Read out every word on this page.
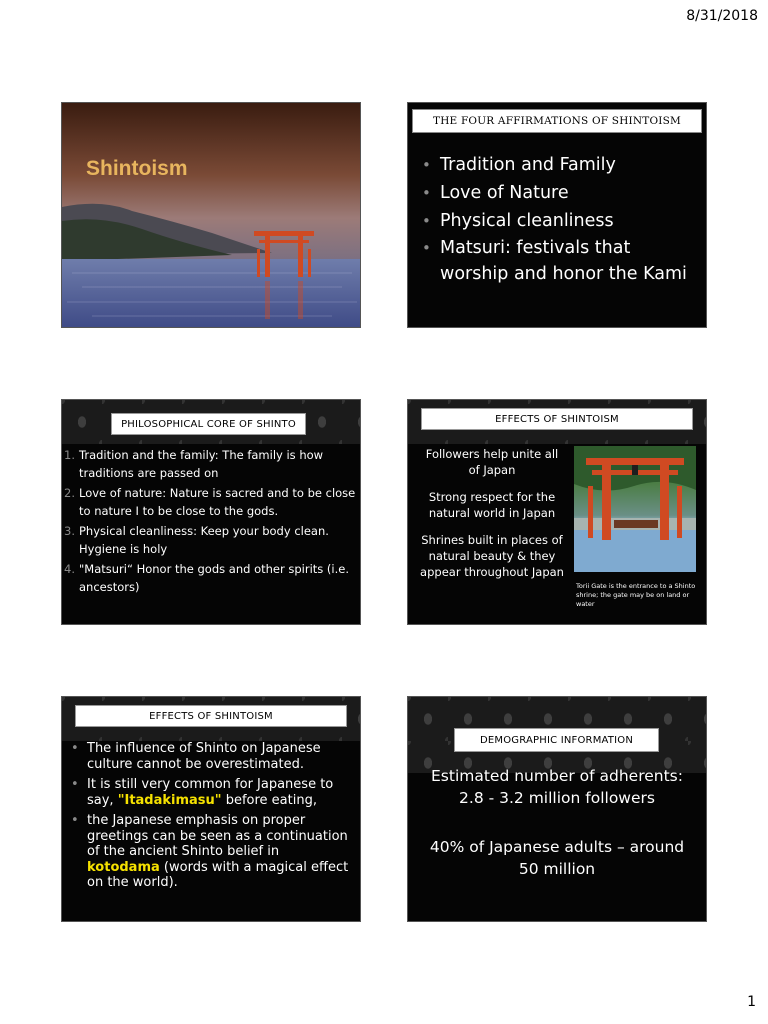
8/31/2018
Shintoism
THE FOUR AFFIRMATIONS OF SHINTOISM
• Tradition and Family
• Love of Nature
• Physical cleanliness
• Matsuri: festivals that worship and honor the Kami
PHILOSOPHICAL CORE OF SHINTO
1. Tradition and the family: The family is how traditions are passed on
2. Love of nature: Nature is sacred and to be close to nature I to be close to the gods.
3. Physical cleanliness: Keep your body clean. Hygiene is holy
4. "Matsuri“ Honor the gods and other spirits (i.e. ancestors)
EFFECTS OF SHINTOISM

Followers help unite all of Japan

Strong respect for the natural world in Japan

Shrines built in places of natural beauty & they appear throughout Japan

Torii Gate is the entrance to a Shinto shrine; the gate may be on land or water
EFFECTS OF SHINTOISM
• The influence of Shinto on Japanese culture cannot be overestimated.
• It is still very common for Japanese to say, "Itadakimasu" before eating,
• the Japanese emphasis on proper greetings can be seen as a continuation of the ancient Shinto belief in kotodama (words with a magical effect on the world).
DEMOGRAPHIC INFORMATION
Estimated number of adherents:
2.8 - 3.2 million followers
40% of Japanese adults – around
50 million
1
